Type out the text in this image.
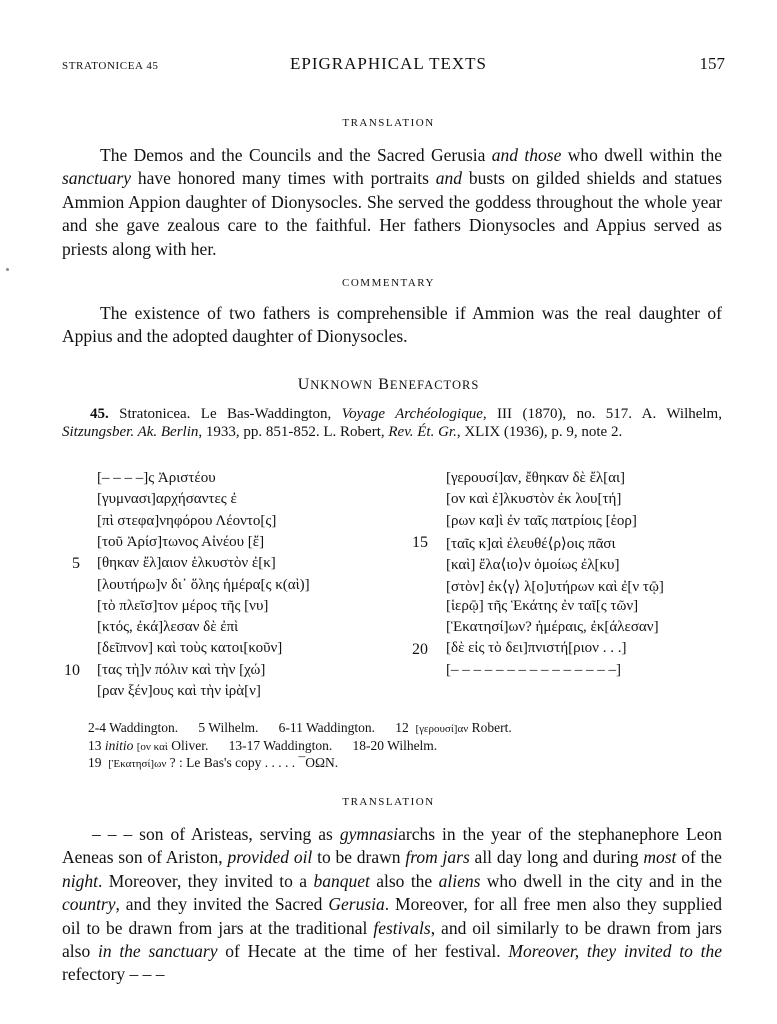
STRATONICEA 45	EPIGRAPHICAL TEXTS	157
TRANSLATION

The Demos and the Councils and the Sacred Gerusia and those who dwell within the sanctuary have honored many times with portraits and busts on gilded shields and statues Ammion Appion daughter of Dionysocles. She served the goddess throughout the whole year and she gave zealous care to the faithful. Her fathers Dionysocles and Appius served as priests along with her.

COMMENTARY

The existence of two fathers is comprehensible if Ammion was the real daughter of Appius and the adopted daughter of Dionysocles.

UNKNOWN BENEFACTORS
45. Stratonicea. Le Bas-Waddington, Voyage Archéologique, III (1870), no. 517. A. Wilhelm, Sitzungsber. Ak. Berlin, 1933, pp. 851-852. L. Robert, Rev. Ét. Gr., XLIX (1936), p. 9, note 2.
[– – – –]ς Ἀριστέου
[γυμνασι]αρχήσαντες ἐ
[πὶ στεφα]νηφόρου Λέοντο[ς]
[τοῦ Ἀρίσ]τωνος Αἰνέου [ἔ]
[θηκαν ἔλ]αιον ἑλκυστὸν ἐ[κ]
[λουτήρω]ν δι᾽ ὅλης ἡμέρα[ς κ(αὶ)]
[τὸ πλεῖσ]τον μέρος τῆς [νυ]
[κτός, ἐκά]λεσαν δὲ ἐπὶ
[δεῖπνον] καὶ τοὺς κατοι[κοῦν]
[τας τὴ]ν πόλιν καὶ τὴν [χώ]
[ραν ξέν]ους καὶ τὴν ἱρὰ[ν]
[γερουσί]αν, ἔθηκαν δὲ ἔλ[αι]
[ον καὶ ἐ]λκυστὸν ἐκ λου[τή]
[ρων κα]ὶ ἐν ταῖς πατρίοις [ἑορ]
[ταῖς κ]αὶ ἐλευθέ⟨ρ⟩οις πᾶσι
[καὶ] ἔλα⟨ιο⟩ν ὁμοίως ἐλ[κυ]
[στὸν] ἐκ⟨γ⟩ λ[ο]υτήρων καὶ ἐ[ν τῷ]
[ἱερῷ] τῆς Ἑκάτης ἐν ταῖ[ς τῶν]
[Ἑκατησί]ων? ἡμέραις, ἐκ[άλεσαν]
[δὲ εἰς τὸ δει]πνιστή[ριον . . .]
[– – – – – – – – – – – – – – –]
5
10
15
20
2-4 Waddington. 5 Wilhelm. 6-11 Waddington. 12 [γερουσί]αν Robert.
13 initio [ον καὶ Oliver. 13-17 Waddington. 18-20 Wilhelm.
19 [Ἑκατησί]ων ? : Le Bas's copy . . . . . ¯ΟΩΝ.
TRANSLATION

– – – son of Aristeas, serving as gymnasiarchs in the year of the stephanephore Leon Aeneas son of Ariston, provided oil to be drawn from jars all day long and during most of the night. Moreover, they invited to a banquet also the aliens who dwell in the city and in the country, and they invited the Sacred Gerusia. Moreover, for all free men also they supplied oil to be drawn from jars at the traditional festivals, and oil similarly to be drawn from jars also in the sanctuary of Hecate at the time of her festival. Moreover, they invited to the refectory – – –
